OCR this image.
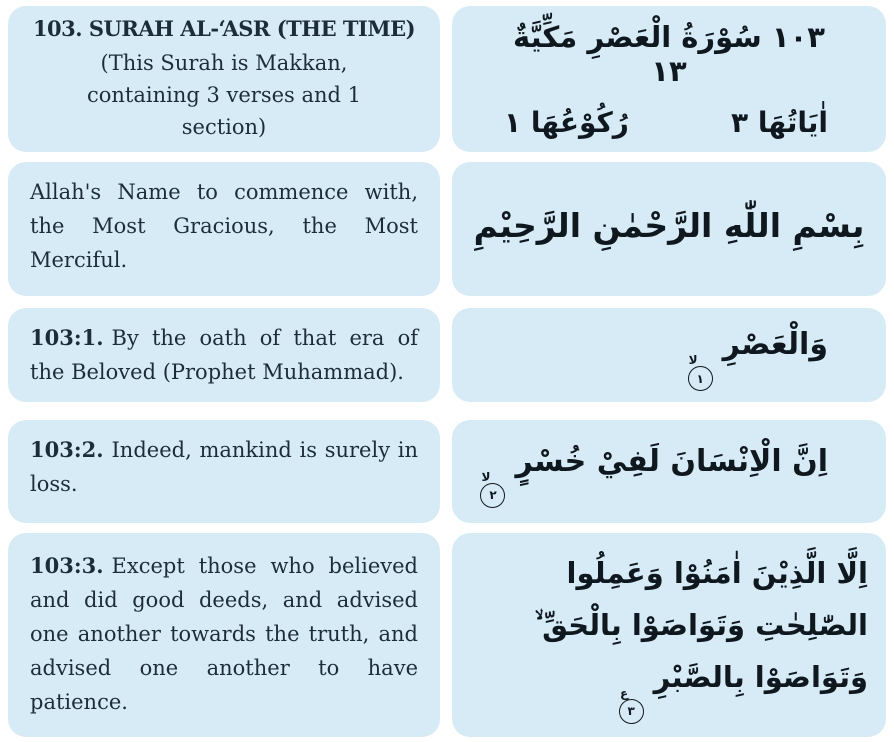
103. SURAH AL-‘ASR (THE TIME)
(This Surah is Makkan, containing 3 verses and 1 section)
١٠٣ سُوْرَةُ الْعَصْرِ مَكِّيَّةٌ ١٣
اٰيَاتُهَا ٣
رُكُوْعُهَا ١

Allah's Name to commence with, the Most Gracious, the Most Merciful.

بِسْمِ اللّٰهِ الرَّحْمٰنِ الرَّحِيْمِ

103:1. By the oath of that era of the Beloved (Prophet Muhammad).

وَالْعَصْرِ
لا
١

103:2. Indeed, mankind is surely in loss.

اِنَّ الْاِنْسَانَ لَفِيْ خُسْرٍ
لا
٢

103:3. Except those who believed and did good deeds, and advised one another towards the truth, and advised one another to have patience.

اِلَّا الَّذِيْنَ اٰمَنُوْا وَعَمِلُوا الصّٰلِحٰتِ وَتَوَاصَوْا بِالْحَقِّ ۙ وَتَوَاصَوْا بِالصَّبْرِ
ع
٣
